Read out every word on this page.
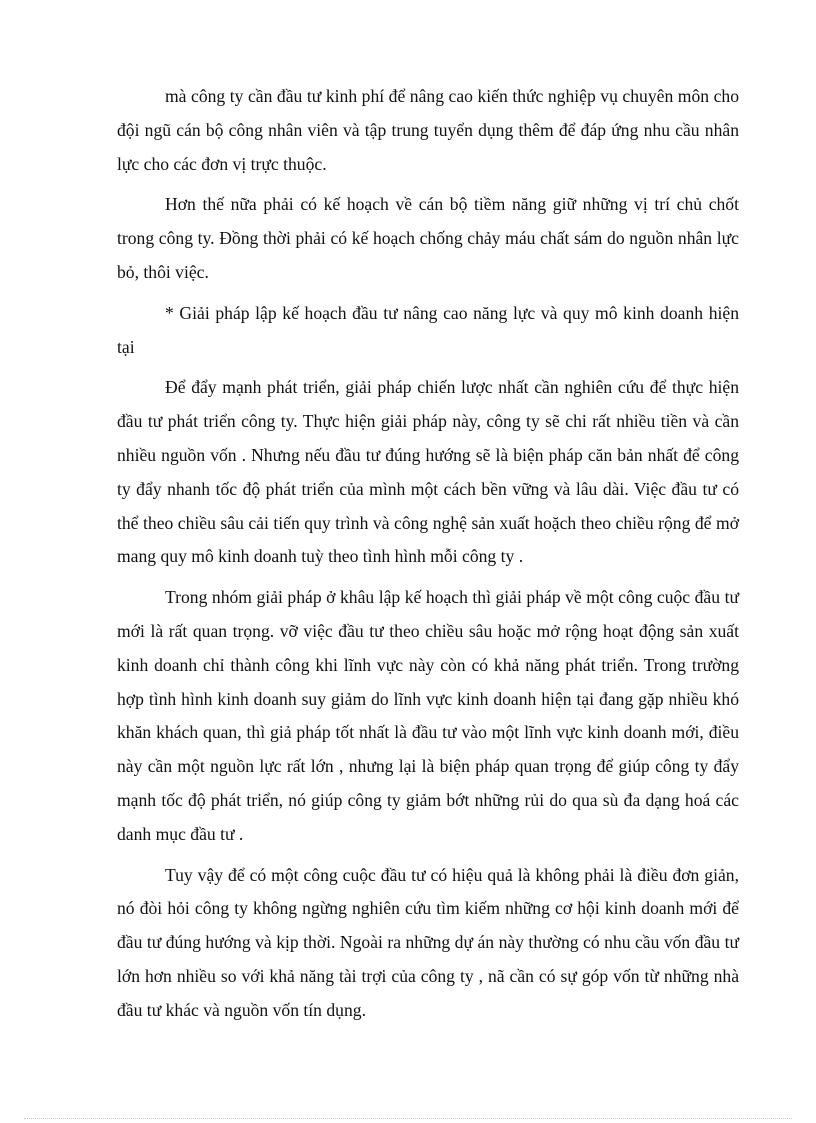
mà công ty cần đầu tư kinh phí để nâng cao kiến thức nghiệp vụ chuyên môn cho đội ngũ cán bộ công nhân viên và tập trung tuyển dụng thêm để đáp ứng nhu cầu nhân lực cho các đơn vị trực thuộc.

Hơn thế nữa phải có kế hoạch về cán bộ tiềm năng giữ những vị trí chủ chốt trong công ty. Đồng thời phải có kế hoạch chống chảy máu chất sám do nguồn nhân lực bỏ, thôi việc.

* Giải pháp lập kế hoạch đầu tư nâng cao năng lực và quy mô kinh doanh hiện tại

Để đẩy mạnh phát triển, giải pháp chiến lược nhất cần nghiên cứu để thực hiện đầu tư phát triển công ty. Thực hiện giải pháp này, công ty sẽ chi rất nhiều tiền và cần nhiều nguồn vốn . Nhưng nếu đầu tư đúng hướng sẽ là biện pháp căn bản nhất để công ty đẩy nhanh tốc độ phát triển của mình một cách bền vững và lâu dài. Việc đầu tư có thể theo chiều sâu cải tiến quy trình và công nghệ sản xuất hoặch theo chiều rộng để mở mang quy mô kinh doanh tuỳ theo tình hình mỗi công ty .

Trong nhóm giải pháp ở khâu lập kế hoạch thì giải pháp về một công cuộc đầu tư mới là rất quan trọng. vỡ việc đầu tư theo chiều sâu hoặc mở rộng hoạt động sản xuất kinh doanh chỉ thành công khi lĩnh vực này còn có khả năng phát triển. Trong trường hợp tình hình kinh doanh suy giảm do lĩnh vực kinh doanh hiện tại đang gặp nhiều khó khăn khách quan, thì giả pháp tốt nhất là đầu tư vào một lĩnh vực kinh doanh mới, điều này cần một nguồn lực rất lớn , nhưng lại là biện pháp quan trọng để giúp công ty đẩy mạnh tốc độ phát triển, nó giúp công ty giảm bớt những rủi do qua sù đa dạng hoá các danh mục đầu tư .

Tuy vậy để có một công cuộc đầu tư có hiệu quả là không phải là điều đơn giản, nó đòi hỏi công ty không ngừng nghiên cứu tìm kiếm những cơ hội kinh doanh mới để đầu tư đúng hướng và kịp thời. Ngoài ra những dự án này thường có nhu cầu vốn đầu tư lớn hơn nhiều so với khả năng tài trợi của công ty , nã cần có sự góp vốn từ những nhà đầu tư khác và nguồn vốn tín dụng.
